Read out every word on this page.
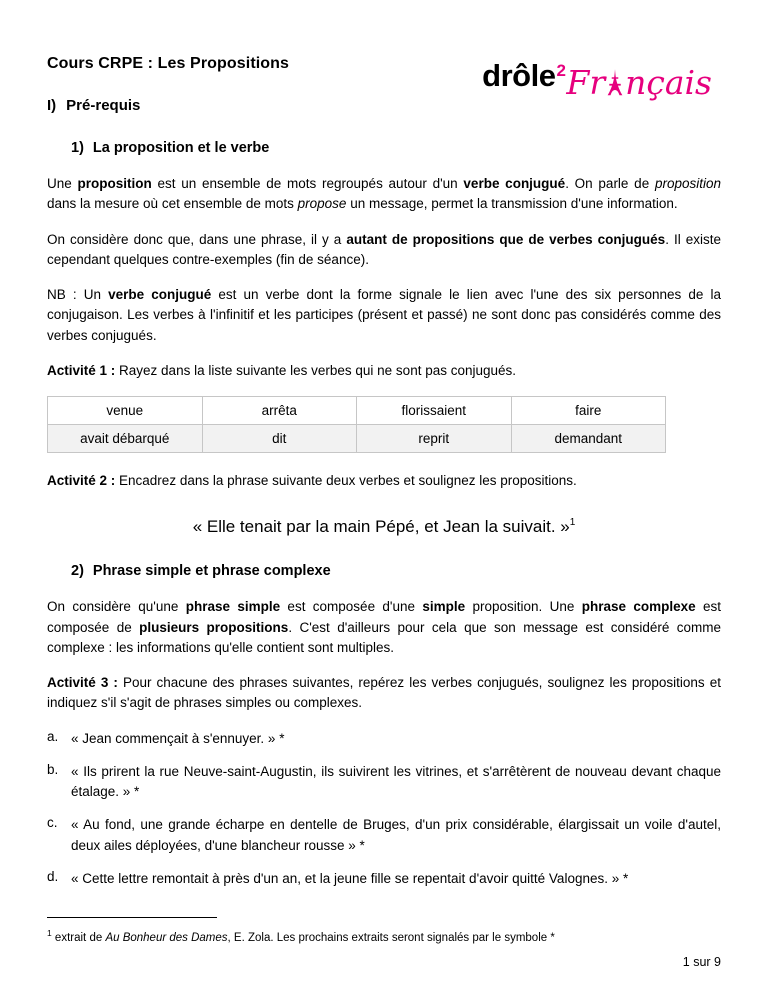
Cours CRPE : Les Propositions	drôle$^2$ Fr nçais
I) Pré-requis
1) La proposition et le verbe

Une proposition est un ensemble de mots regroupés autour d'un verbe conjugué. On parle de proposition dans la mesure où cet ensemble de mots propose un message, permet la transmission d'une information.

On considère donc que, dans une phrase, il y a autant de propositions que de verbes conjugués. Il existe cependant quelques contre-exemples (fin de séance).

NB : Un verbe conjugué est un verbe dont la forme signale le lien avec l'une des six personnes de la conjugaison. Les verbes à l'infinitif et les participes (présent et passé) ne sont donc pas considérés comme des verbes conjugués.

Activité 1 : Rayez dans la liste suivante les verbes qui ne sont pas conjugués.

venue	arrêta	florissaient	faire
avait débarqué	dit	reprit	demandant

Activité 2 : Encadrez dans la phrase suivante deux verbes et soulignez les propositions.

« Elle tenait par la main Pépé, et Jean la suivait. »$^1$
2) Phrase simple et phrase complexe

On considère qu'une phrase simple est composée d'une simple proposition. Une phrase complexe est composée de plusieurs propositions. C'est d'ailleurs pour cela que son message est considéré comme complexe : les informations qu'elle contient sont multiples.

Activité 3 : Pour chacune des phrases suivantes, repérez les verbes conjugués, soulignez les propositions et indiquez s'il s'agit de phrases simples ou complexes.

a. « Jean commençait à s'ennuyer. » *
b. « Ils prirent la rue Neuve-saint-Augustin, ils suivirent les vitrines, et s'arrêtèrent de nouveau devant chaque étalage. » *
c. « Au fond, une grande écharpe en dentelle de Bruges, d'un prix considérable, élargissait un voile d'autel, deux ailes déployées, d'une blancheur rousse » *
d. « Cette lettre remontait à près d'un an, et la jeune fille se repentait d'avoir quitté Valognes. » *

$^1$ extrait de Au Bonheur des Dames, E. Zola. Les prochains extraits seront signalés par le symbole *

1 sur 9
